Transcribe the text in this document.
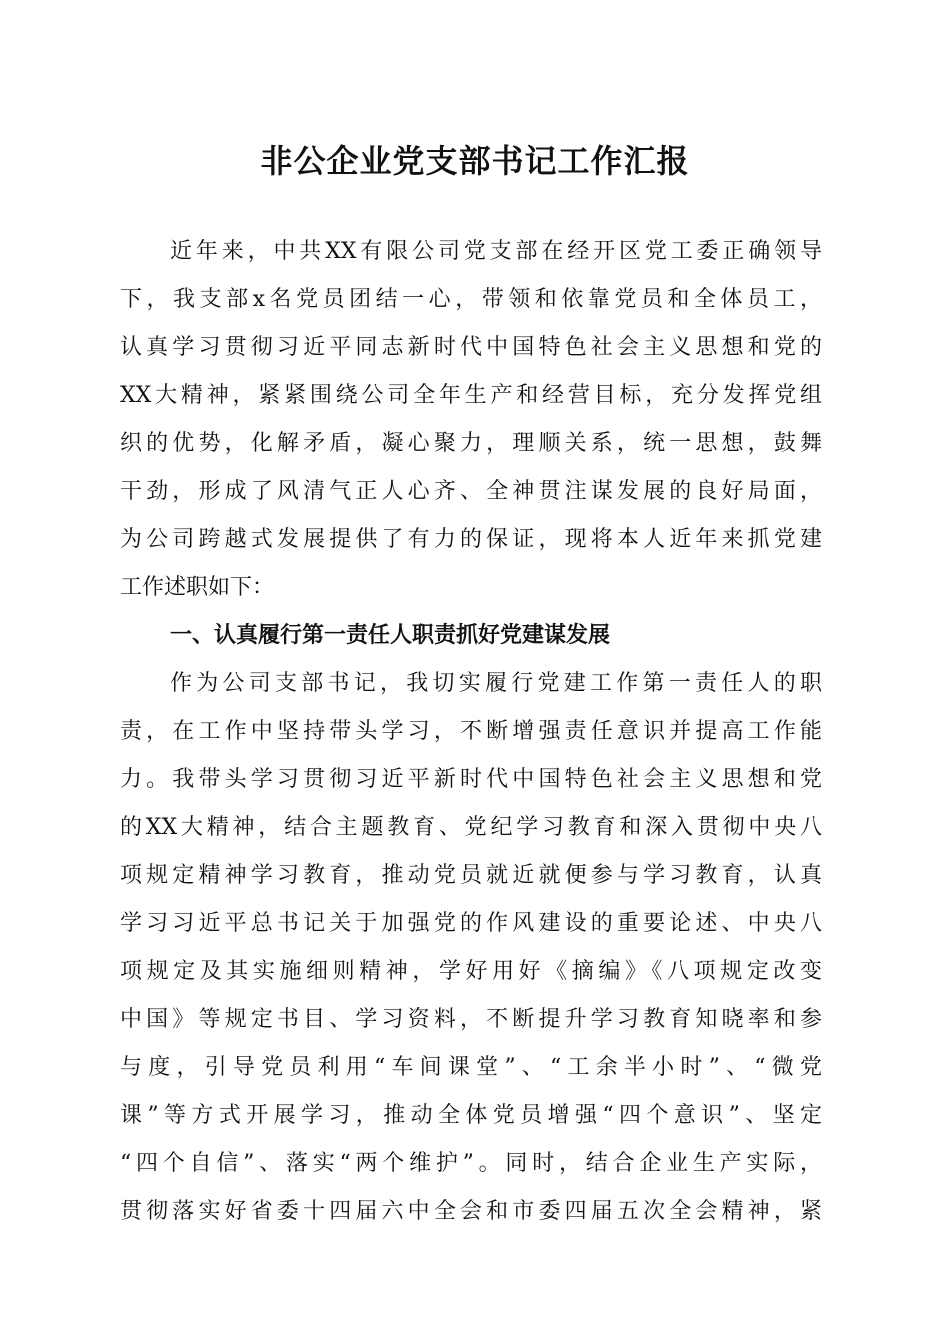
非公企业党支部书记工作汇报
近年来，中共XX有限公司党支部在经开区党工委正确领导
下，我支部x名党员团结一心，带领和依靠党员和全体员工，
认真学习贯彻习近平同志新时代中国特色社会主义思想和党的
XX大精神，紧紧围绕公司全年生产和经营目标，充分发挥党组
织的优势，化解矛盾，凝心聚力，理顺关系，统一思想，鼓舞
干劲，形成了风清气正人心齐、全神贯注谋发展的良好局面，
为公司跨越式发展提供了有力的保证，现将本人近年来抓党建
工作述职如下：
一、认真履行第一责任人职责抓好党建谋发展
作为公司支部书记，我切实履行党建工作第一责任人的职
责，在工作中坚持带头学习，不断增强责任意识并提高工作能
力。我带头学习贯彻习近平新时代中国特色社会主义思想和党
的XX大精神，结合主题教育、党纪学习教育和深入贯彻中央八
项规定精神学习教育，推动党员就近就便参与学习教育，认真
学习习近平总书记关于加强党的作风建设的重要论述、中央八
项规定及其实施细则精神，学好用好《摘编》《八项规定改变
中国》等规定书目、学习资料，不断提升学习教育知晓率和参
与度，引导党员利用“车间课堂”、“工余半小时”、“微党
课”等方式开展学习，推动全体党员增强“四个意识”、坚定
“四个自信”、落实“两个维护”。同时，结合企业生产实际，
贯彻落实好省委十四届六中全会和市委四届五次全会精神，紧
